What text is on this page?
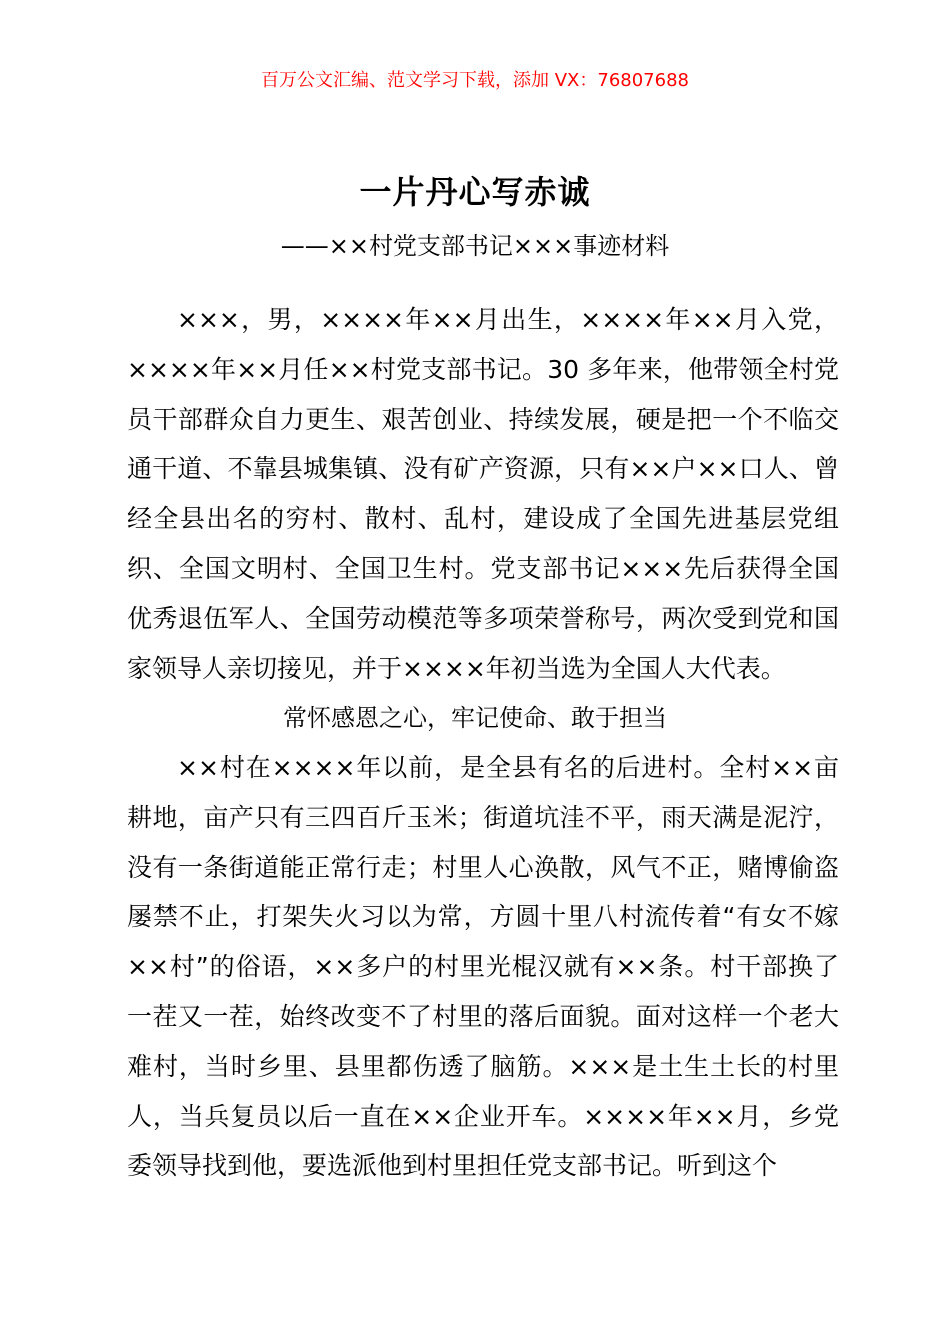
百万公文汇编、范文学习下载，添加 VX：76807688
一片丹心写赤诚
——××村党支部书记×××事迹材料

×××，男，××××年××月出生，××××年××月入党，××××年××月任××村党支部书记。30 多年来，他带领全村党员干部群众自力更生、艰苦创业、持续发展，硬是把一个不临交通干道、不靠县城集镇、没有矿产资源，只有××户××口人、曾经全县出名的穷村、散村、乱村，建设成了全国先进基层党组织、全国文明村、全国卫生村。党支部书记×××先后获得全国优秀退伍军人、全国劳动模范等多项荣誉称号，两次受到党和国家领导人亲切接见，并于××××年初当选为全国人大代表。

常怀感恩之心，牢记使命、敢于担当

××村在××××年以前，是全县有名的后进村。全村××亩耕地，亩产只有三四百斤玉米；街道坑洼不平，雨天满是泥泞，没有一条街道能正常行走；村里人心涣散，风气不正，赌博偷盗屡禁不止，打架失火习以为常，方圆十里八村流传着“有女不嫁××村”的俗语，××多户的村里光棍汉就有××条。村干部换了一茬又一茬，始终改变不了村里的落后面貌。面对这样一个老大难村，当时乡里、县里都伤透了脑筋。×××是土生土长的村里人，当兵复员以后一直在××企业开车。××××年××月，乡党委领导找到他，要选派他到村里担任党支部书记。听到这个
